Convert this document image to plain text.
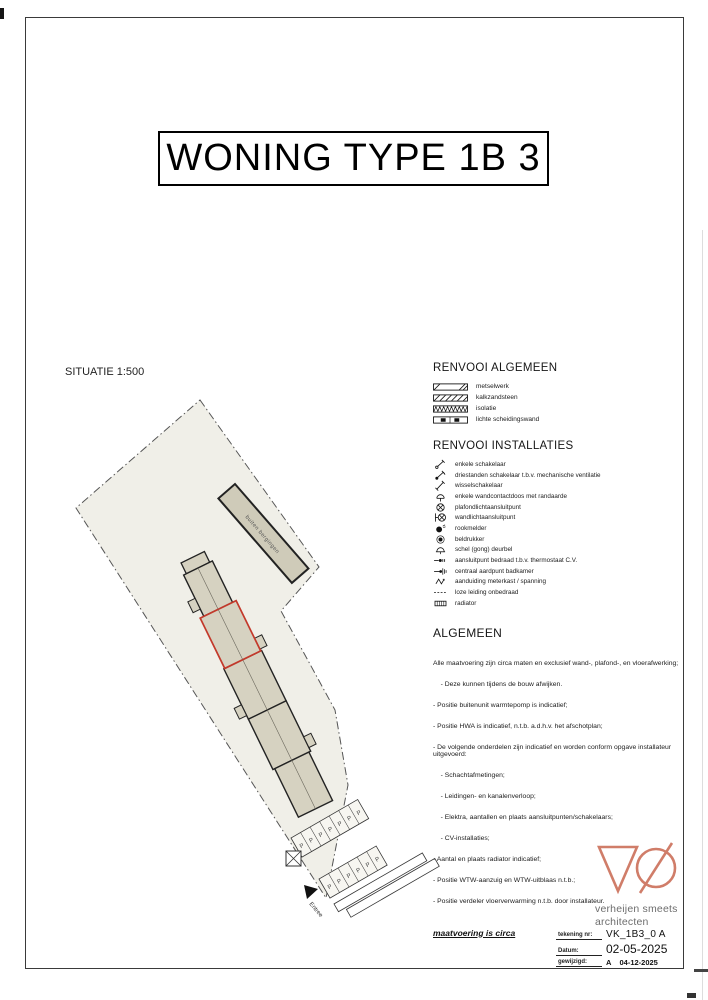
WONING TYPE 1B 3
SITUATIE 1:500
buiten bergingen
P
P
P
P
P
P
P
P
P
P
P
P
P
Entree
RENVOOI ALGEMEEN
metselwerk
kalkzandsteen
isolatie
lichte scheidingswand
RENVOOI INSTALLATIES
enkele schakelaar
driestanden schakelaar t.b.v. mechanische ventilatie
wisselschakelaar
enkele wandcontactdoos met randaarde
plafondlichtaansluitpunt
wandlichtaansluitpunt
rookmelder
beldrukker
schel (gong) deurbel
aansluitpunt bedraad t.b.v. thermostaat C.V.
centraal aardpunt badkamer
aanduiding meterkast / spanning
loze leiding onbedraad
radiator
ALGEMEEN

Alle maatvoering zijn circa maten en exclusief wand-, plafond-, en vloerafwerking;

- Deze kunnen tijdens de bouw afwijken.

- Positie buitenunit warmtepomp is indicatief;

- Positie HWA is indicatief, n.t.b. a.d.h.v. het afschotplan;

- De volgende onderdelen zijn indicatief en worden conform opgave installateur uitgevoerd:

- Schachtafmetingen;

- Leidingen- en kanalenverloop;

- Elektra, aantallen en plaats aansluitpunten/schakelaars;

- CV-installaties;

- Aantal en plaats radiator indicatief;

- Positie WTW-aanzuig en WTW-uitblaas n.t.b.;

- Positie verdeler vloerverwarming n.t.b. door installateur.

maatvoering is circa
verheijen smeets
architecten
tekening nr:	VK_1B3_0 A
Datum:	02-05-2025
gewijzigd:	A    04-12-2025
